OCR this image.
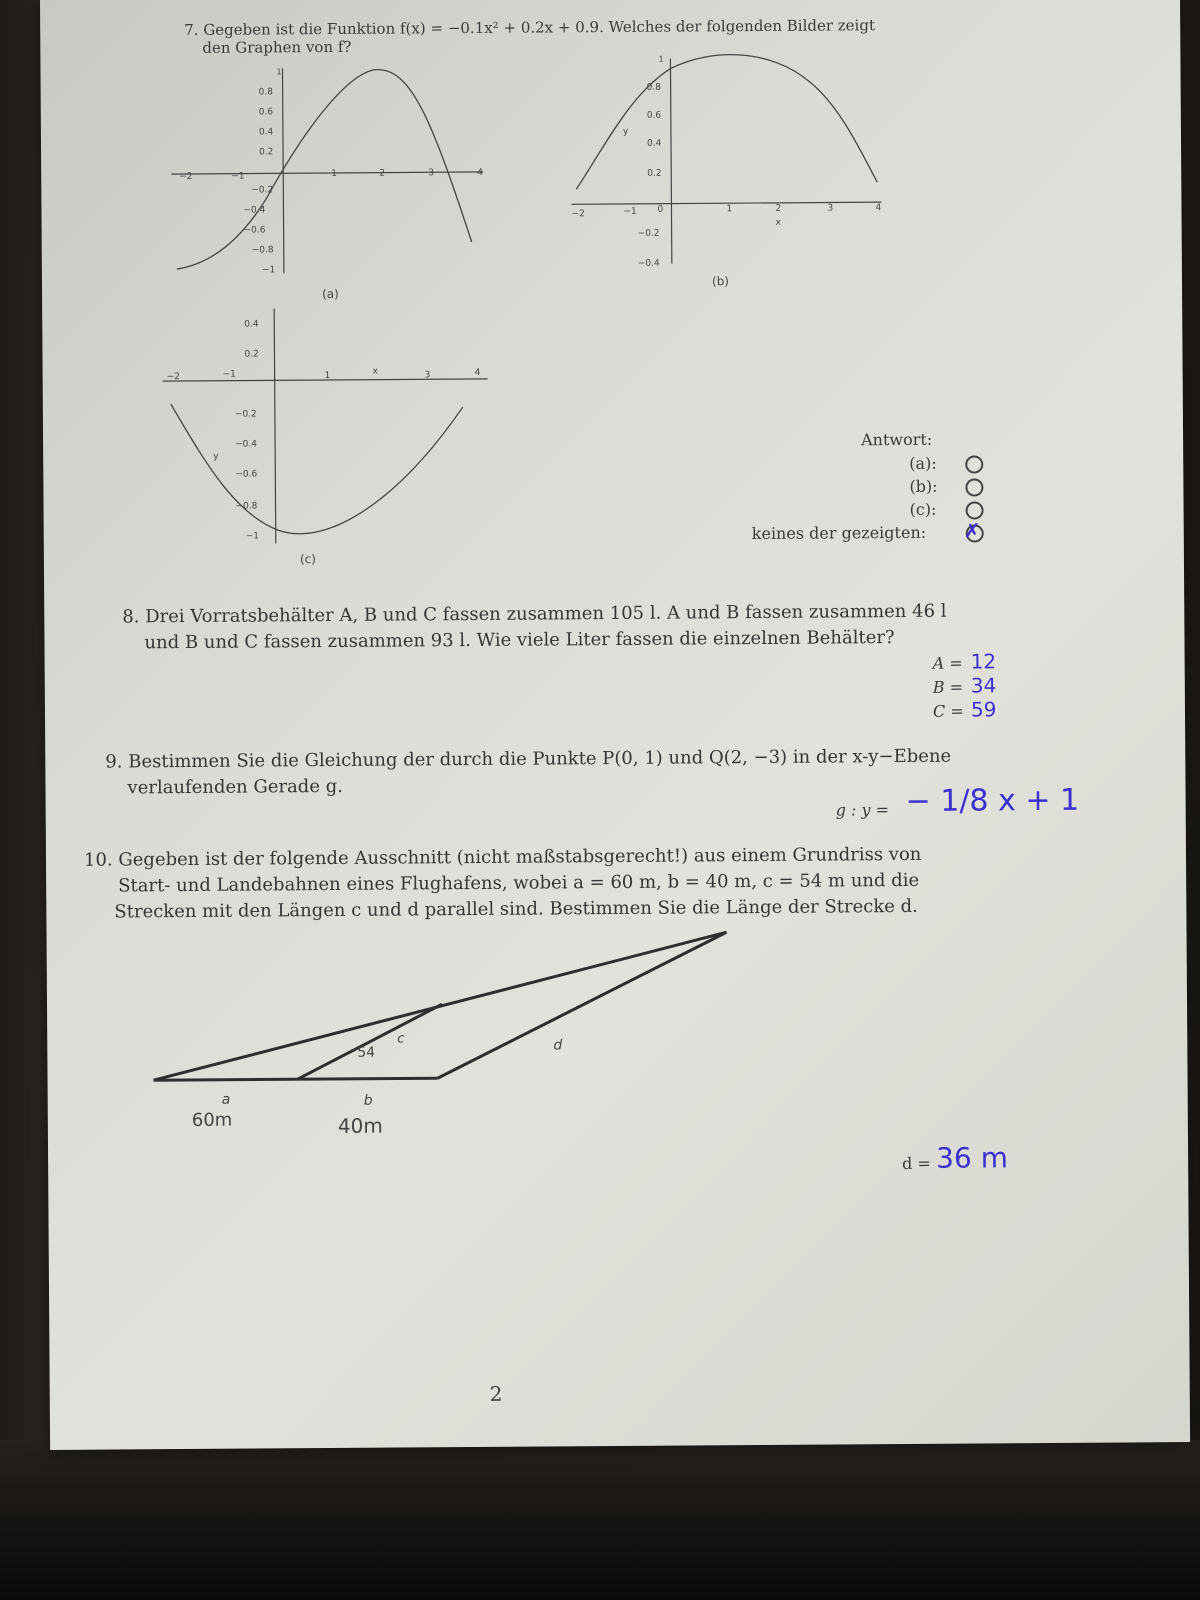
7. Gegeben ist die Funktion f(x) = −0.1x² + 0.2x + 0.9. Welches der folgenden Bilder zeigt
den Graphen von f?
−2	−1	1	2	3	4
1
0.8
0.6
0.4
0.2
−0.2
−0.4
−0.6
−0.8
−1
(a)
−2	−1 0	1	2	3	4
x
1
0.8
0.6
0.4
0.2
−0.2
−0.4
y
(b)
−2	−1	1	x	3	4
0.4
0.2
−0.2
−0.4
−0.6
−0.8
−1
y
(c)
Antwort:
(a):
(b):
(c):
keines der gezeigten: ✗
8. Drei Vorratsbehälter A, B und C fassen zusammen 105 l. A und B fassen zusammen 46 l
und B und C fassen zusammen 93 l. Wie viele Liter fassen die einzelnen Behälter?
A = 12
B = 34
C = 59
9. Bestimmen Sie die Gleichung der durch die Punkte P(0, 1) und Q(2, −3) in der x-y−Ebene
verlaufenden Gerade g.
g : y = − 1/8 x + 1
10. Gegeben ist der folgende Ausschnitt (nicht maßstabsgerecht!) aus einem Grundriss von
Start- und Landebahnen eines Flughafens, wobei a = 60 m, b = 40 m, c = 54 m und die
Strecken mit den Längen c und d parallel sind. Bestimmen Sie die Länge der Strecke d.
a	b
c	d
54
60m	40m
d = 36 m
2
